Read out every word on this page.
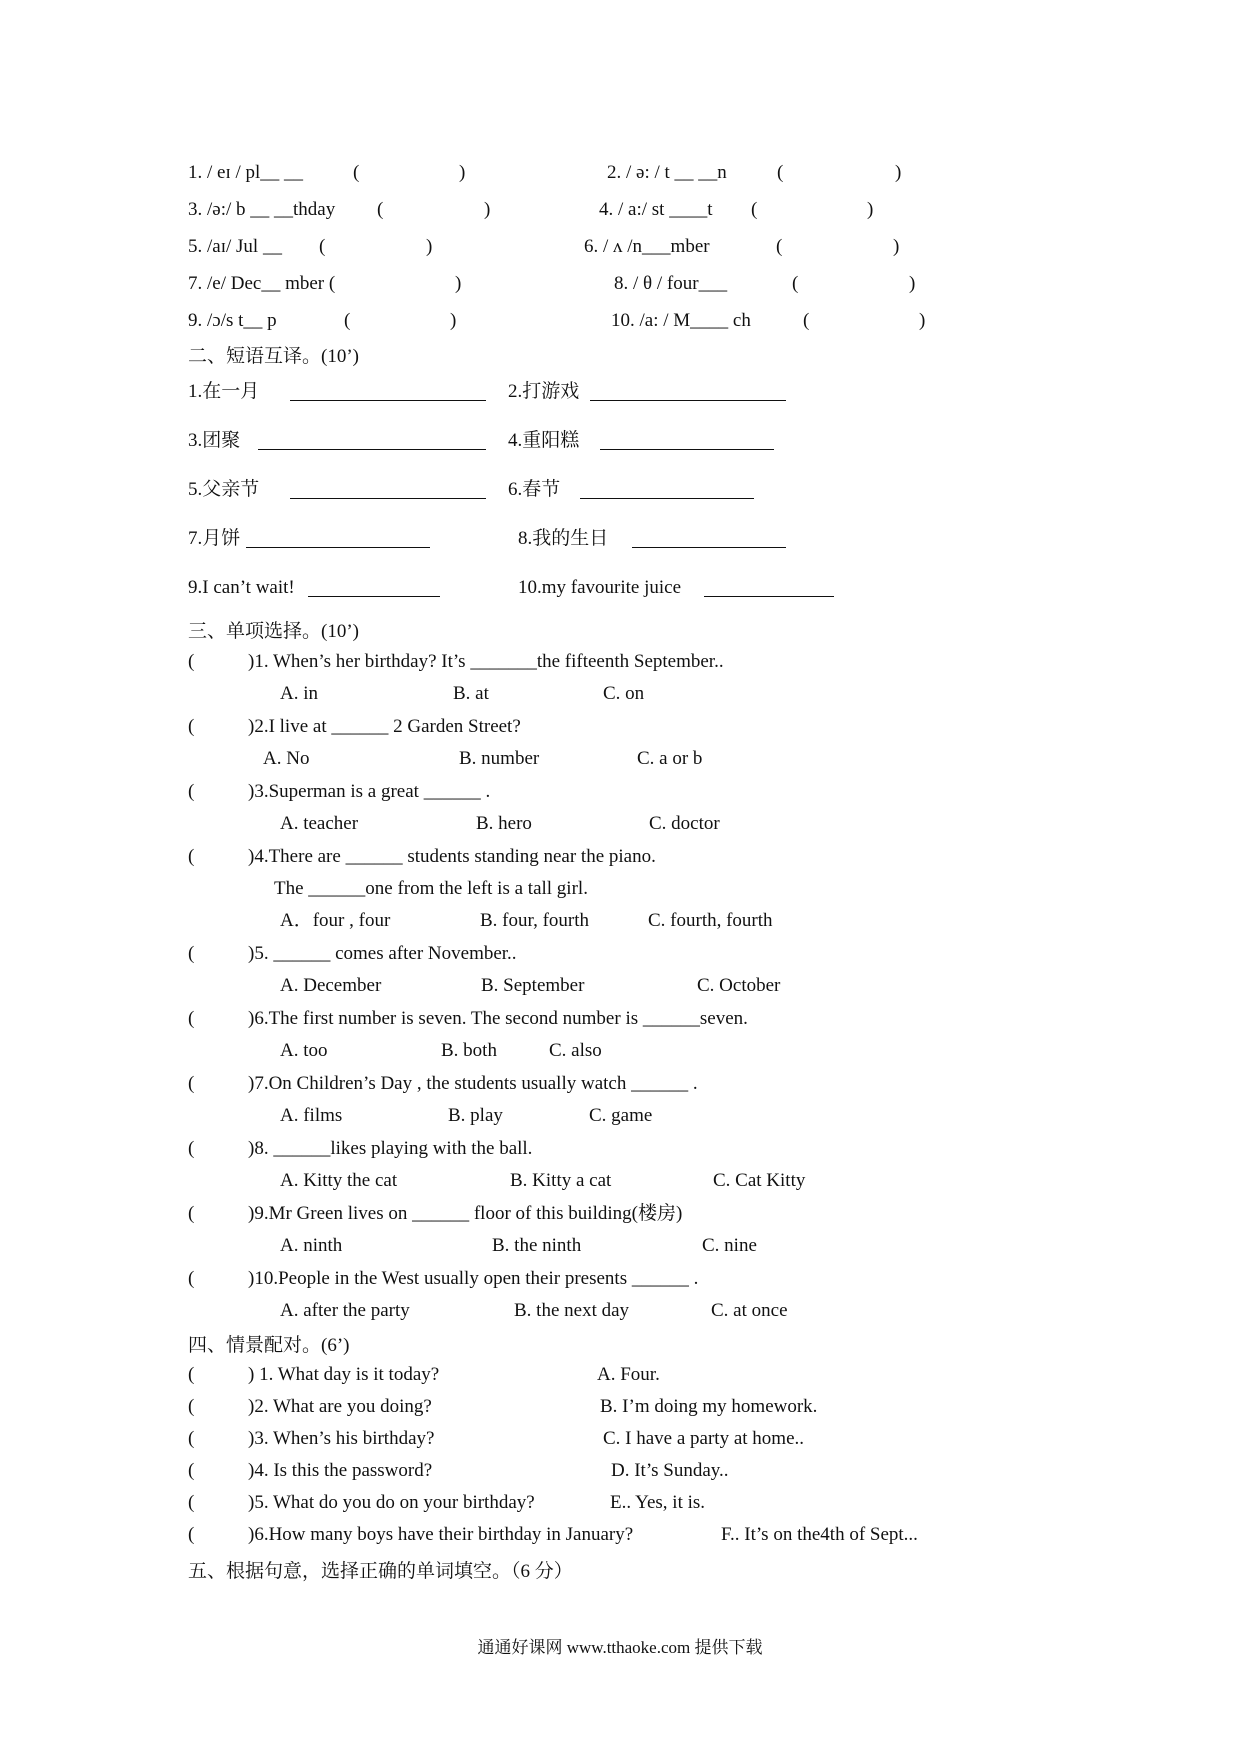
1. / eɪ / pl__ __	(	)	2. / ə: / t __ __n	(	)
3. /ə:/ b __ __thday (	)	4. / a:/ st ____t (	)
5. /aɪ/ Jul __ (	)	6. / ʌ /n___mber	(	)
7. /e/ Dec__ mber (	)	8. / θ / four___	(	)
9. /ɔ/s t__ p	(	)	10. /a: / M____ ch	(	)
二、短语互译。(10’)
1.在一月	2.打游戏
3.团聚	4.重阳糕
5.父亲节	6.春节
7.月饼	8.我的生日
9.I can’t wait!	10.my favourite juice
三、单项选择。(10’)
(	)1. When’s her birthday? It’s _______the fifteenth September..
A. in	B. at	C. on
(	)2.I live at ______ 2 Garden Street?
A. No	B. number	C. a or b
(	)3.Superman is a great ______ .
A. teacher	B. hero	C. doctor
(	)4.There are ______ students standing near the piano.
The ______one from the left is a tall girl.
A．four , four	B. four, fourth	C. fourth, fourth
(	)5. ______ comes after November..
A. December	B. September	C. October
(	)6.The first number is seven. The second number is ______seven.
A. too	B. both	C. also
(	)7.On Children’s Day , the students usually watch ______ .
A. films	B. play	C. game
(	)8. ______likes playing with the ball.
A. Kitty the cat	B. Kitty a cat	C. Cat Kitty
(	)9.Mr Green lives on ______ floor of this building(楼房)
A. ninth	B. the ninth	C. nine
(	)10.People in the West usually open their presents ______ .
A. after the party	B. the next day	C. at once
四、情景配对。(6’)
(	) 1. What day is it today?	A. Four.
(	)2. What are you doing?	B. I’m doing my homework.
(	)3. When’s his birthday?	C. I have a party at home..
(	)4. Is this the password?	D. It’s Sunday..
(	)5. What do you do on your birthday?	E.. Yes, it is.
(	)6.How many boys have their birthday in January?	F.. It’s on the4th of Sept...
五、根据句意，选择正确的单词填空。（6 分）
通通好课网 www.tthaoke.com 提供下载
